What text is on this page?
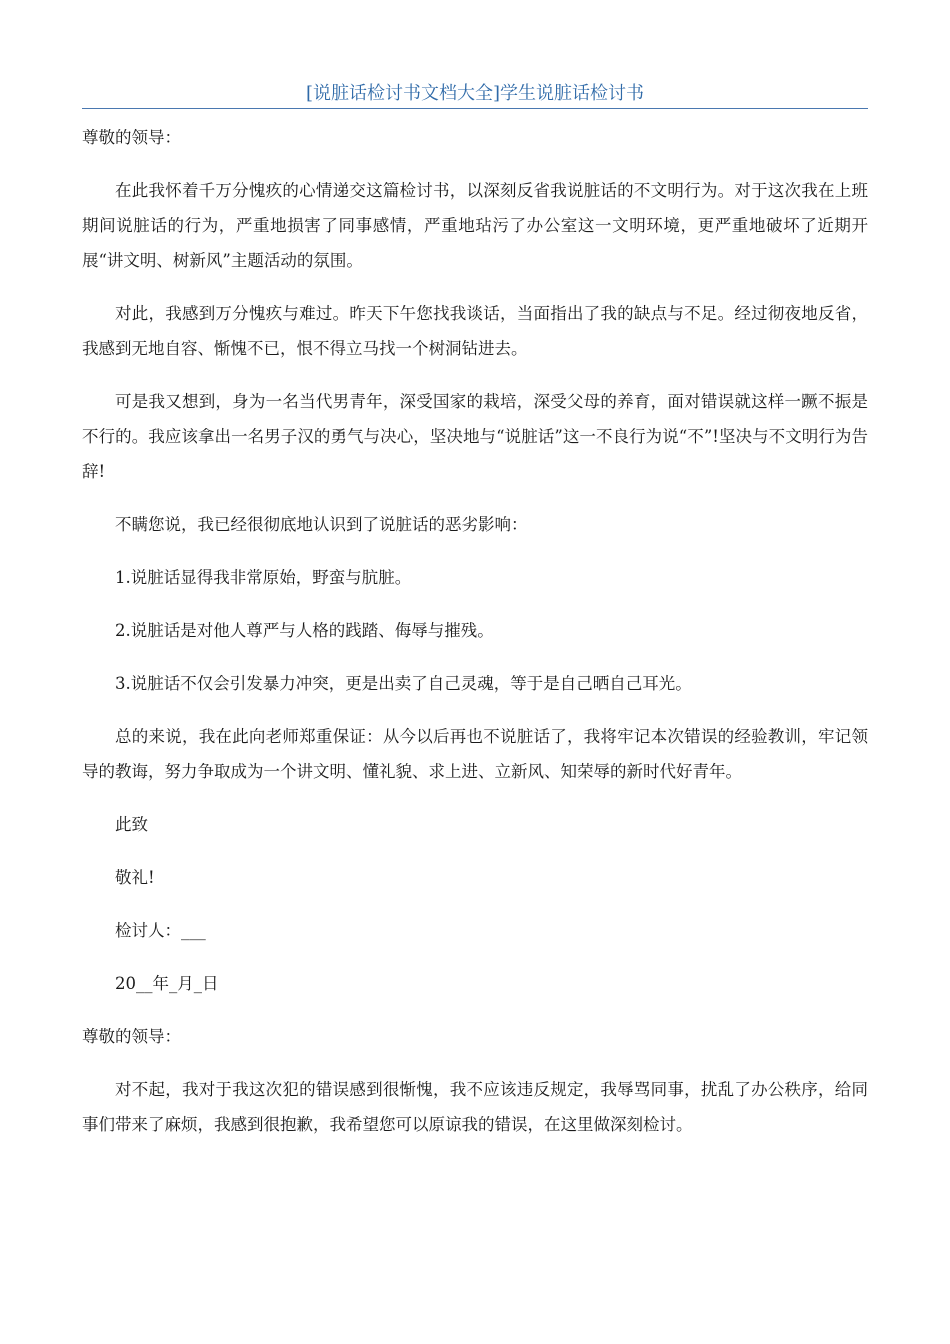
[说脏话检讨书文档大全]学生说脏话检讨书

尊敬的领导：

在此我怀着千万分愧疚的心情递交这篇检讨书，以深刻反省我说脏话的不文明行为。对于这次我在上班期间说脏话的行为，严重地损害了同事感情，严重地玷污了办公室这一文明环境，更严重地破坏了近期开展“讲文明、树新风”主题活动的氛围。

对此，我感到万分愧疚与难过。昨天下午您找我谈话，当面指出了我的缺点与不足。经过彻夜地反省，我感到无地自容、惭愧不已，恨不得立马找一个树洞钻进去。

可是我又想到，身为一名当代男青年，深受国家的栽培，深受父母的养育，面对错误就这样一蹶不振是不行的。我应该拿出一名男子汉的勇气与决心，坚决地与“说脏话”这一不良行为说“不”!坚决与不文明行为告辞!

不瞒您说，我已经很彻底地认识到了说脏话的恶劣影响：

1.说脏话显得我非常原始，野蛮与肮脏。

2.说脏话是对他人尊严与人格的践踏、侮辱与摧残。

3.说脏话不仅会引发暴力冲突，更是出卖了自己灵魂，等于是自己晒自己耳光。

总的来说，我在此向老师郑重保证：从今以后再也不说脏话了，我将牢记本次错误的经验教训，牢记领导的教诲，努力争取成为一个讲文明、懂礼貌、求上进、立新风、知荣辱的新时代好青年。

此致

敬礼!

检讨人：___

20__年_月_日

尊敬的领导：

对不起，我对于我这次犯的错误感到很惭愧，我不应该违反规定，我辱骂同事，扰乱了办公秩序，给同事们带来了麻烦，我感到很抱歉，我希望您可以原谅我的错误，在这里做深刻检讨。
